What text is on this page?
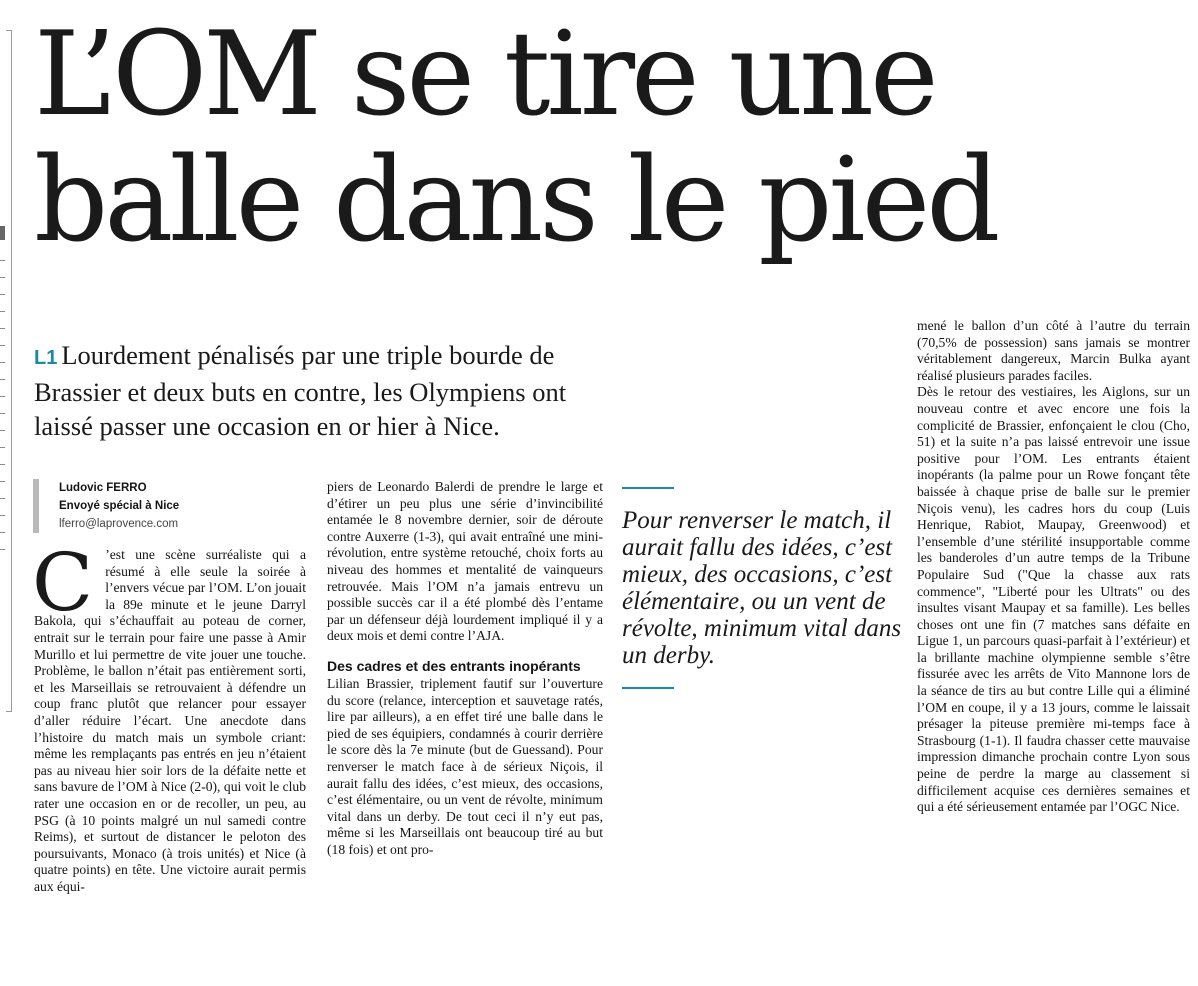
L’OM se tire une balle dans le pied
L1 Lourdement pénalisés par une triple bourde de Brassier et deux buts en contre, les Olympiens ont laissé passer une occasion en or hier à Nice.
Ludovic FERRO
Envoyé spécial à Nice
lferro@laprovence.com
C ’est une scène surréaliste qui a résumé à elle seule la soirée à l’envers vécue par l’OM. L’on jouait la 89e minute et le jeune Darryl Bakola, qui s’échauffait au poteau de corner, entrait sur le terrain pour faire une passe à Amir Murillo et lui permettre de vite jouer une touche. Problème, le ballon n’était pas entièrement sorti, et les Marseillais se retrouvaient à défendre un coup franc plutôt que relancer pour essayer d’aller réduire l’écart. Une anecdote dans l’histoire du match mais un symbole criant: même les remplaçants pas entrés en jeu n’étaient pas au niveau hier soir lors de la défaite nette et sans bavure de l’OM à Nice (2-0), qui voit le club rater une occasion en or de recoller, un peu, au PSG (à 10 points malgré un nul samedi contre Reims), et surtout de distancer le peloton des poursuivants, Monaco (à trois unités) et Nice (à quatre points) en tête. Une victoire aurait permis aux équi-

piers de Leonardo Balerdi de prendre le large et d’étirer un peu plus une série d’invincibilité entamée le 8 novembre dernier, soir de déroute contre Auxerre (1-3), qui avait entraîné une mini-révolution, entre système retouché, choix forts au niveau des hommes et mentalité de vainqueurs retrouvée. Mais l’OM n’a jamais entrevu un possible succès car il a été plombé dès l’entame par un défenseur déjà lourdement impliqué il y a deux mois et demi contre l’AJA.

Des cadres et des entrants inopérants

Lilian Brassier, triplement fautif sur l’ouverture du score (relance, interception et sauvetage ratés, lire par ailleurs), a en effet tiré une balle dans le pied de ses équipiers, condamnés à courir derrière le score dès la 7e minute (but de Guessand). Pour renverser le match face à de sérieux Niçois, il aurait fallu des idées, c’est mieux, des occasions, c’est élémentaire, ou un vent de révolte, minimum vital dans un derby. De tout ceci il n’y eut pas, même si les Marseillais ont beaucoup tiré au but (18 fois) et ont pro-

Pour renverser le match, il aurait fallu des idées, c’est mieux, des occasions, c’est élémentaire, ou un vent de révolte, minimum vital dans un derby.

mené le ballon d’un côté à l’autre du terrain (70,5% de possession) sans jamais se montrer véritablement dangereux, Marcin Bulka ayant réalisé plusieurs parades faciles.

Dès le retour des vestiaires, les Aiglons, sur un nouveau contre et avec encore une fois la complicité de Brassier, enfonçaient le clou (Cho, 51) et la suite n’a pas laissé entrevoir une issue positive pour l’OM. Les entrants étaient inopérants (la palme pour un Rowe fonçant tête baissée à chaque prise de balle sur le premier Niçois venu), les cadres hors du coup (Luis Henrique, Rabiot, Maupay, Greenwood) et l’ensemble d’une stérilité insupportable comme les banderoles d’un autre temps de la Tribune Populaire Sud ("Que la chasse aux rats commence", "Liberté pour les Ultrats" ou des insultes visant Maupay et sa famille). Les belles choses ont une fin (7 matches sans défaite en Ligue 1, un parcours quasi-parfait à l’extérieur) et la brillante machine olympienne semble s’être fissurée avec les arrêts de Vito Mannone lors de la séance de tirs au but contre Lille qui a éliminé l’OM en coupe, il y a 13 jours, comme le laissait présager la piteuse première mi-temps face à Strasbourg (1-1). Il faudra chasser cette mauvaise impression dimanche prochain contre Lyon sous peine de perdre la marge au classement si difficilement acquise ces dernières semaines et qui a été sérieusement entamée par l’OGC Nice.
